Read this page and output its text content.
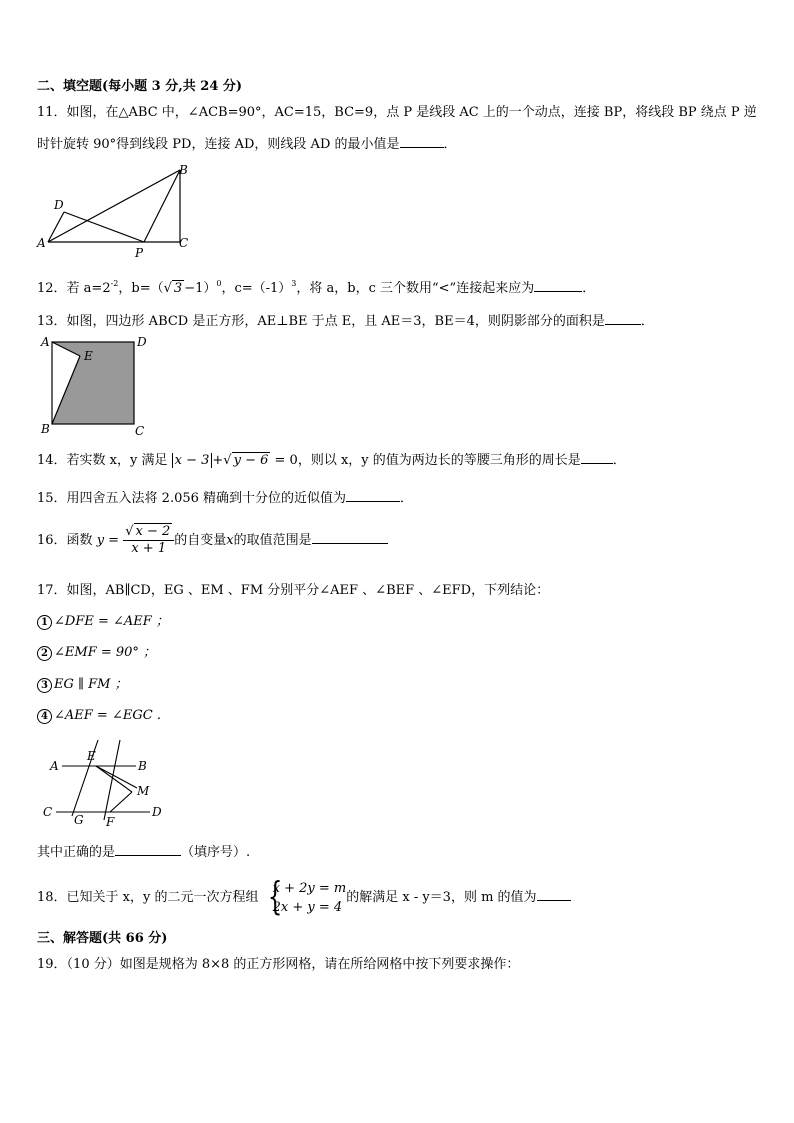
二、填空题(每小题 3 分,共 24 分)
11．如图，在△ABC 中，∠ACB=90°，AC=15，BC=9，点 P 是线段 AC 上的一个动点，连接 BP，将线段 BP 绕点 P 逆
时针旋转 90°得到线段 PD，连接 AD，则线段 AD 的最小值是	．
A
B
C
D
P
12．若 $a=2^{-2}$，b=（√ 3 −1）$^0$，$c=(-1)^3$，将 a，b，c 三个数用“<”连接起来应为	．
13．如图，四边形 ABCD 是正方形，AE⊥BE 于点 E，且 AE＝3，BE＝4，则阴影部分的面积是	．
A	D
B	C
E
14．若实数 x，y 满足 x − 3 +√ y − 6 = 0，则以 x，y 的值为两边长的等腰三角形的周长是 ．
15．用四舍五入法将 2.056 精确到十分位的近似值为	．
16．函数 $y = \frac{√ x - 2}{x + 1}$ 的自变量x的取值范围是
17．如图，AB∥CD，EG 、EM 、FM 分别平分∠AEF 、∠BEF 、∠EFD，下列结论：
1 ∠DFE = ∠AEF ；
2 ∠EMF = 90° ；
3 EG ∥ FM ；
4 ∠AEF = ∠EGC ．
A	B
C	D
E
F
G
M
其中正确的是	（填序号）.
18．已知关于 x，y 的二元一次方程组 {
x + 2y = m
2x + y = 4
的解满足 x - y＝3，则 m 的值为
三、解答题(共 66 分)
19．（10 分）如图是规格为 8×8 的正方形网格，请在所给网格中按下列要求操作：
